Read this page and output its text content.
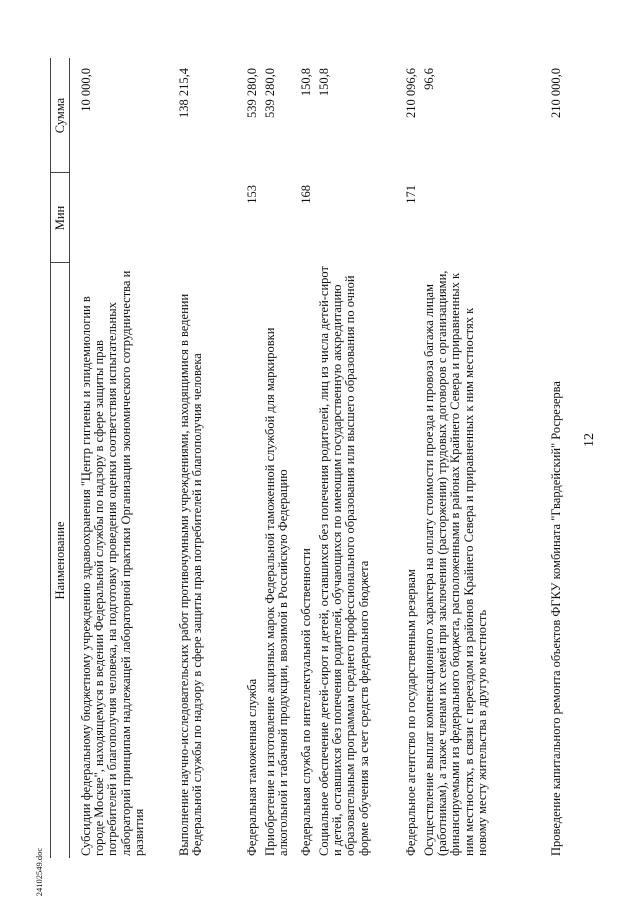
12
24102549.doc
Наименование
Мин
Сумма
Субсидии федеральному бюджетному учреждению здравоохранения "Центр гигиены и эпидемиологии в городе Москве", находящемуся в ведении Федеральной службы по надзору в сфере защиты прав потребителей и благополучия человека, на подготовку проведения оценки соответствия испытательных лабораторий принципам надлежащей лабораторной практики Организации экономического сотрудничества и развития
10 000,0
Выполнение научно-исследовательских работ противочумными учреждениями, находящимися в ведении Федеральной службы по надзору в сфере защиты прав потребителей и благополучия человека
138 215,4
Федеральная таможенная служба
153
539 280,0
Приобретение и изготовление акцизных марок Федеральной таможенной службой для маркировки алкогольной и табачной продукции, ввозимой в Российскую Федерацию
539 280,0
Федеральная служба по интеллектуальной собственности
168
150,8
Социальное обеспечение детей-сирот и детей, оставшихся без попечения родителей, лиц из числа детей-сирот и детей, оставшихся без попечения родителей, обучающихся по имеющим государственную аккредитацию образовательным программам среднего профессионального образования или высшего образования по очной форме обучения за счет средств федерального бюджета
150,8
Федеральное агентство по государственным резервам
171
210 096,6
Осуществление выплат компенсационного характера на оплату стоимости проезда и провоза багажа лицам (работникам), а также членам их семей при заключении (расторжении) трудовых договоров с организациями, финансируемыми из федерального бюджета, расположенными в районах Крайнего Севера и приравненных к ним местностях, в связи с переездом из районов Крайнего Севера и приравненных к ним местностях к новому месту жительства в другую местность
96,6
Проведение капитального ремонта объектов ФГКУ комбината "Гвардейский" Росрезерва
210 000,0
